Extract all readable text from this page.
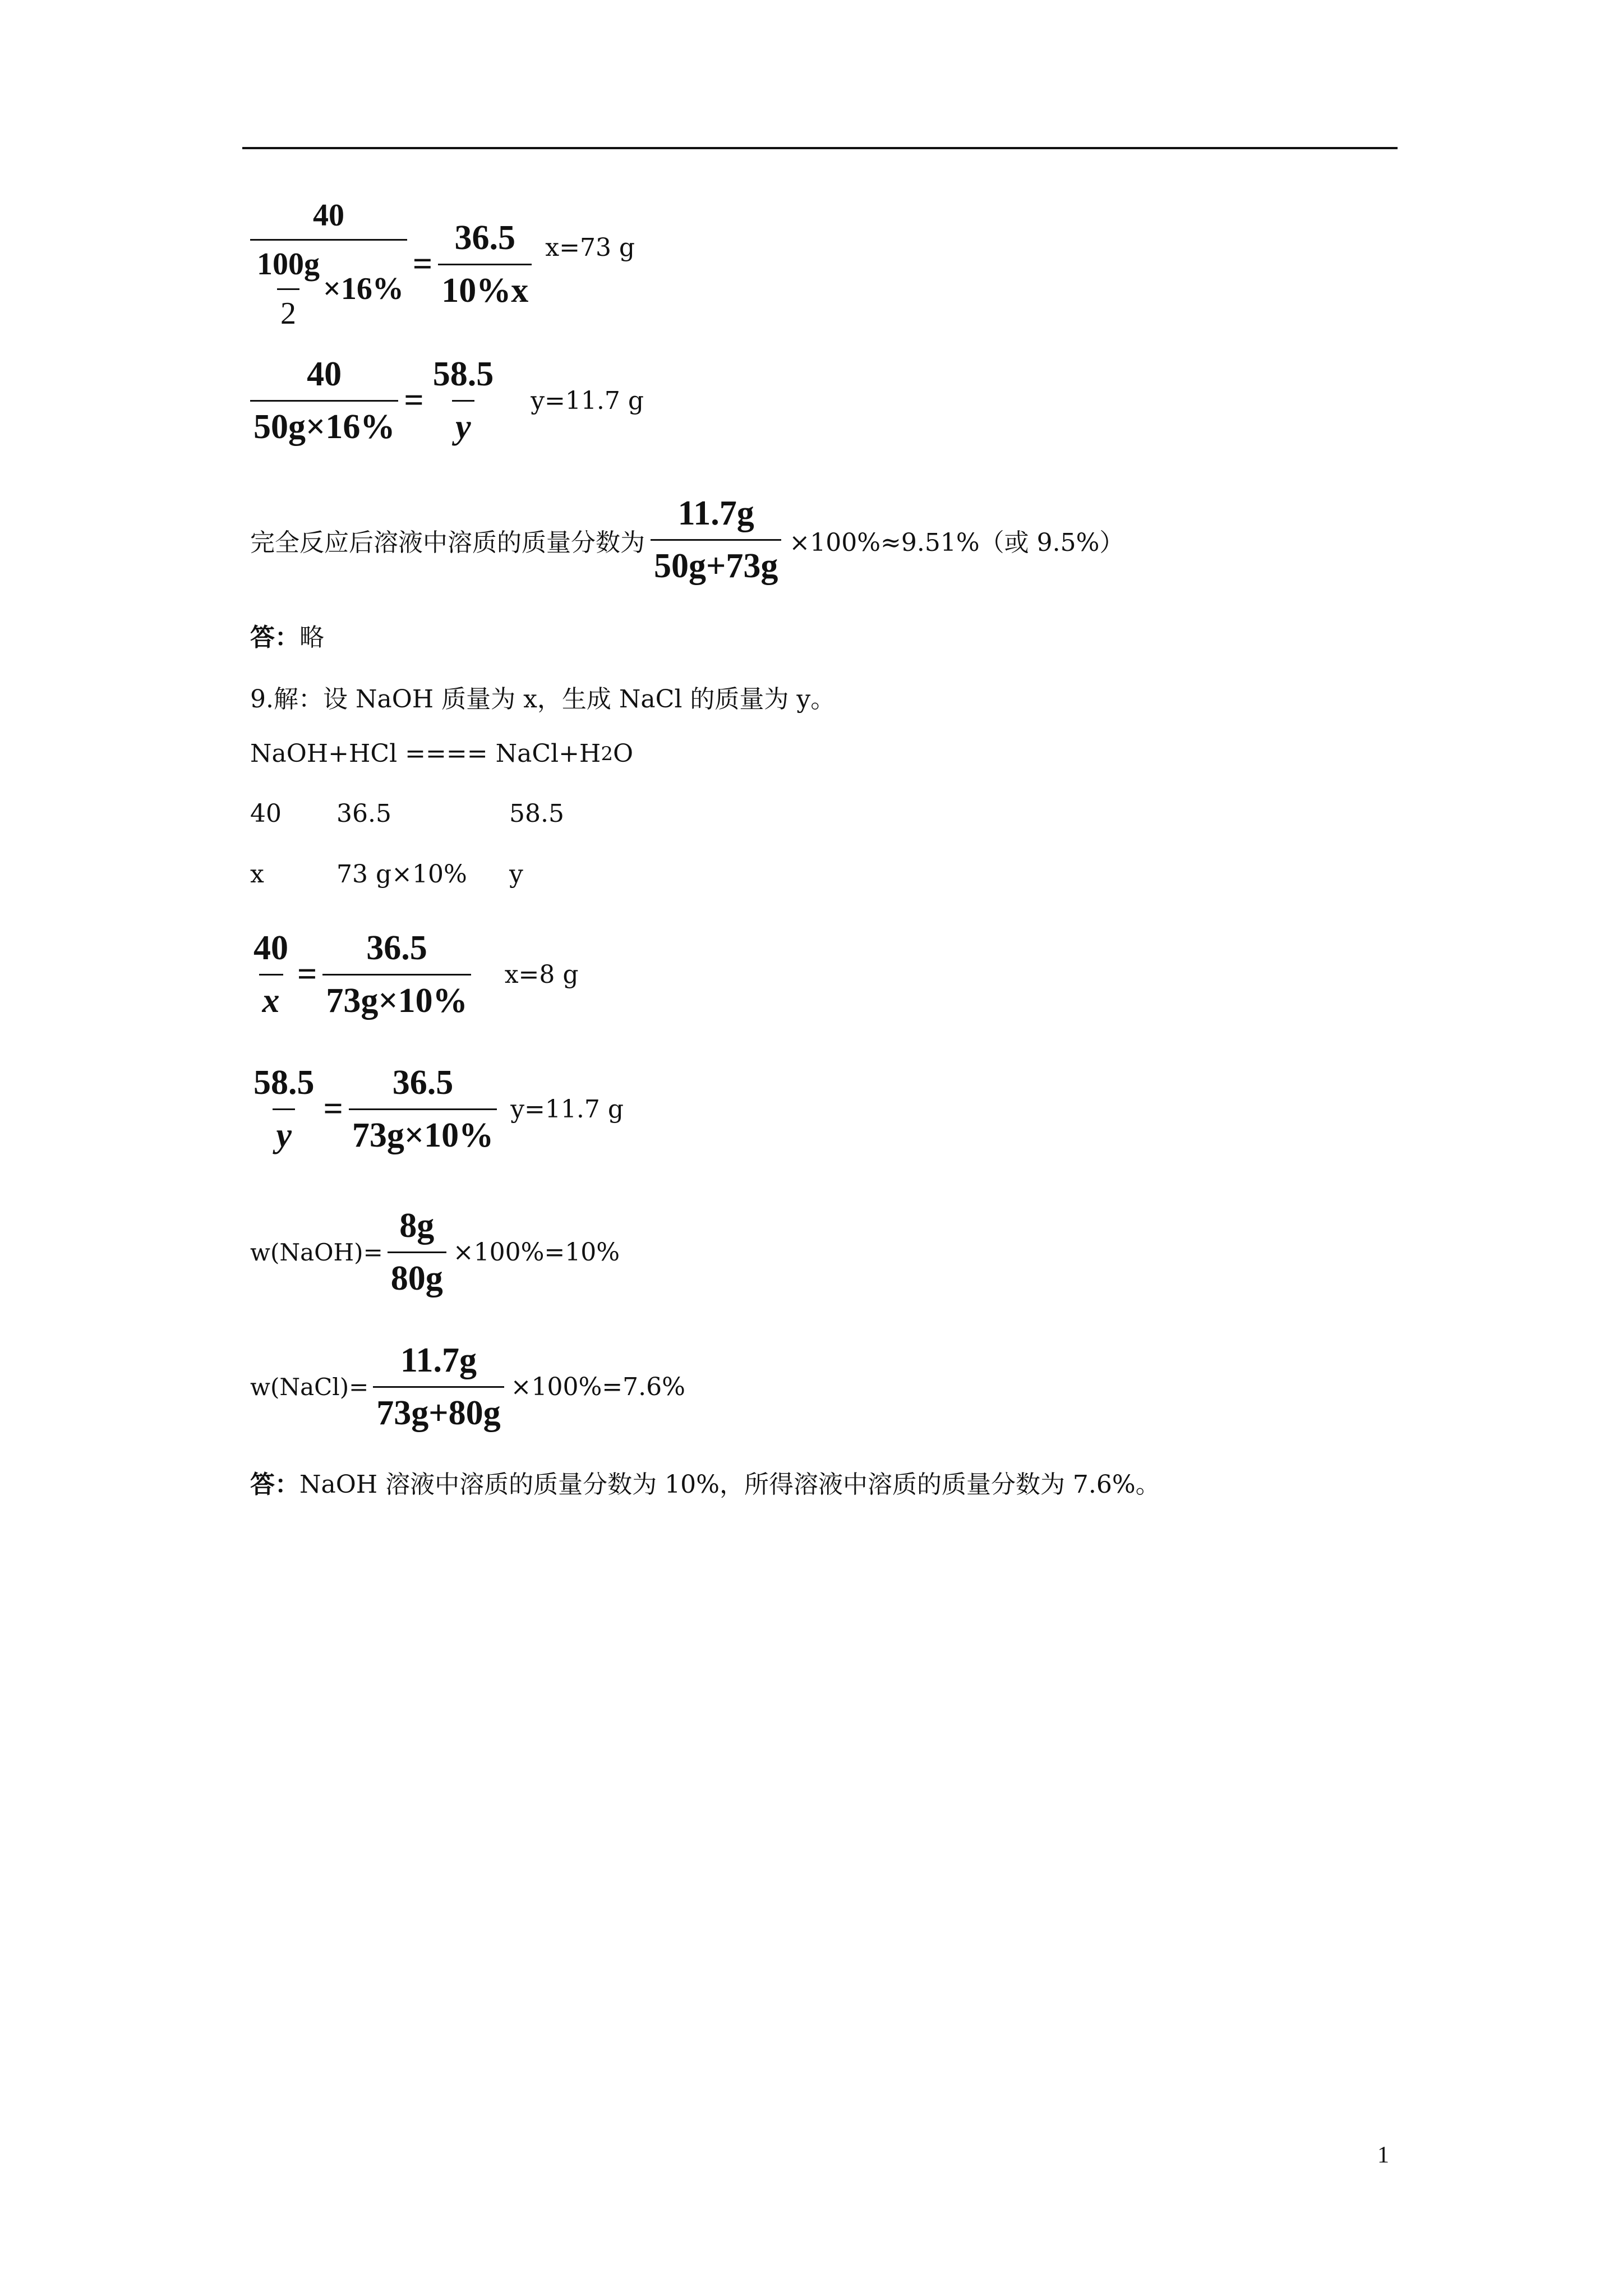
$\frac{40}{\frac{100g}{2} \times 16\%} = \frac{36.5}{10\%x} x=73$ g
$\frac{40}{50g\times 16\%} = \frac{58.5}{y} y=11.7$ g
完全反应后溶液中溶质的质量分数为 $\frac{11.7g}{50g+73g} \times 100\%\approx 9.51\%$（或 9.5%）
答： 略
9.解：设 NaOH 质量为 x，生成 NaCl 的质量为 y。
NaOH+HCl ==== NaCl+H 2 O
40 36.5	58.5
x	73 g×10% y
$\frac{40}{x} = \frac{36.5}{73g\times 10\%} x=8$ g
$\frac{58.5}{y} = \frac{36.5}{73g\times 10\%} y=11.7$ g
w(NaOH)= $\frac{8g}{80g} \times 100\%=10\%$
w(NaCl)= $\frac{11.7g}{73g+80g} \times 100\%=7.6\%$
答： NaOH 溶液中溶质的质量分数为 10%，所得溶液中溶质的质量分数为 7.6%。
1
